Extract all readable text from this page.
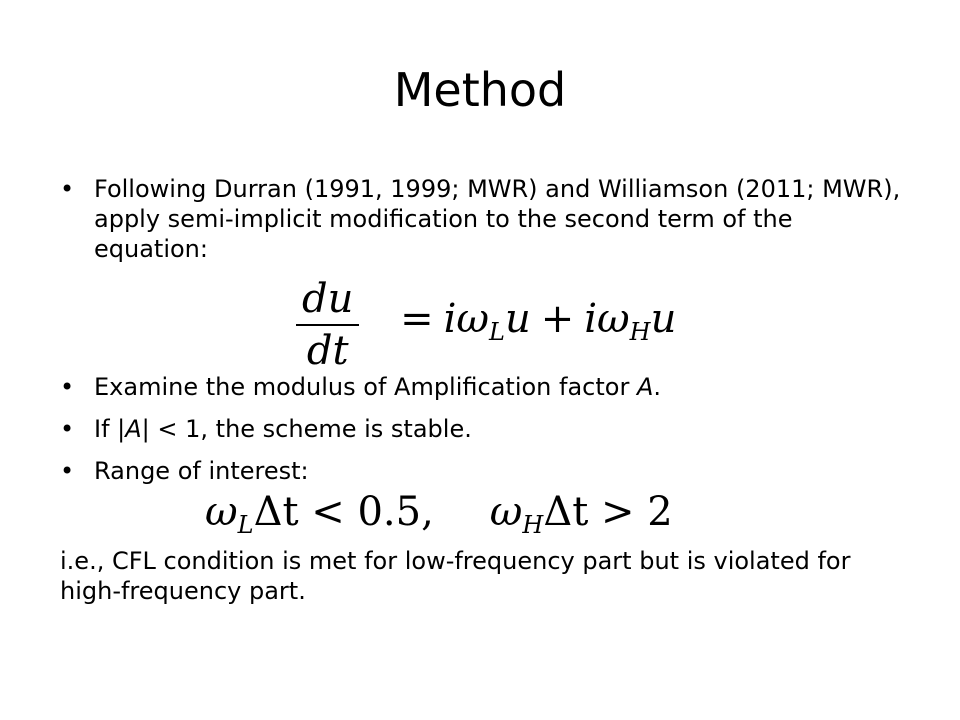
Method
• Following Durran (1991, 1999; MWR) and Williamson (2011; MWR), apply semi-implicit modification to the second term of the equation:
$\frac{du}{dt} = i\omega_Lu + i\omega_Hu$
• Examine the modulus of Amplification factor A.
• If |A| < 1, the scheme is stable.
• Range of interest:
$\omega_L\Delta t < 0.5$, $\omega_H\Delta t > 2$
i.e., CFL condition is met for low-frequency part but is violated for high-frequency part.
